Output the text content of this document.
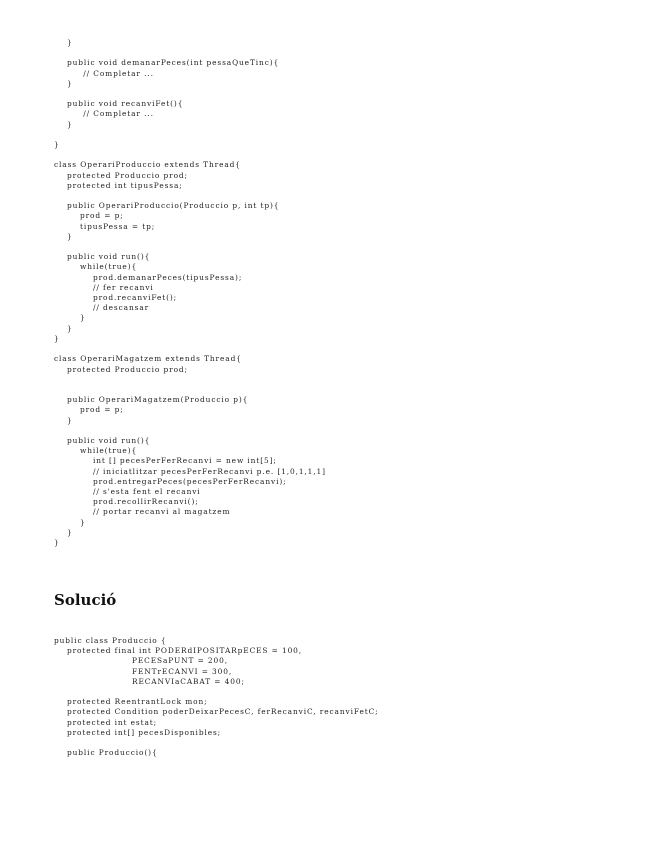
}

public void demanarPeces(int pessaQueTinc){
// Completar ...
}

public void recanviFet(){
// Completar ...
}

}

class OperariProduccio extends Thread{
protected Produccio prod;
protected int tipusPessa;

public OperariProduccio(Produccio p, int tp){
prod = p;
tipusPessa = tp;
}

public void run(){
while(true){
prod.demanarPeces(tipusPessa);
// fer recanvi
prod.recanviFet();
// descansar
}
}
}

class OperariMagatzem extends Thread{
protected Produccio prod;

public OperariMagatzem(Produccio p){
prod = p;
}

public void run(){
while(true){
int [] pecesPerFerRecanvi = new int[5];
// iniciatlitzar pecesPerFerRecanvi p.e. [1,0,1,1,1]
prod.entregarPeces(pecesPerFerRecanvi);
// s'esta fent el recanvi
prod.recollirRecanvi();
// portar recanvi al magatzem
}
}
}
Solució
public class Produccio {
protected final int PODERdIPOSITARpECES = 100,
PECESaPUNT = 200,
FENTrECANVI = 300,
RECANVIaCABAT = 400;

protected ReentrantLock mon;
protected Condition poderDeixarPecesC, ferRecanviC, recanviFetC;
protected int estat;
protected int[] pecesDisponibles;

public Produccio(){
